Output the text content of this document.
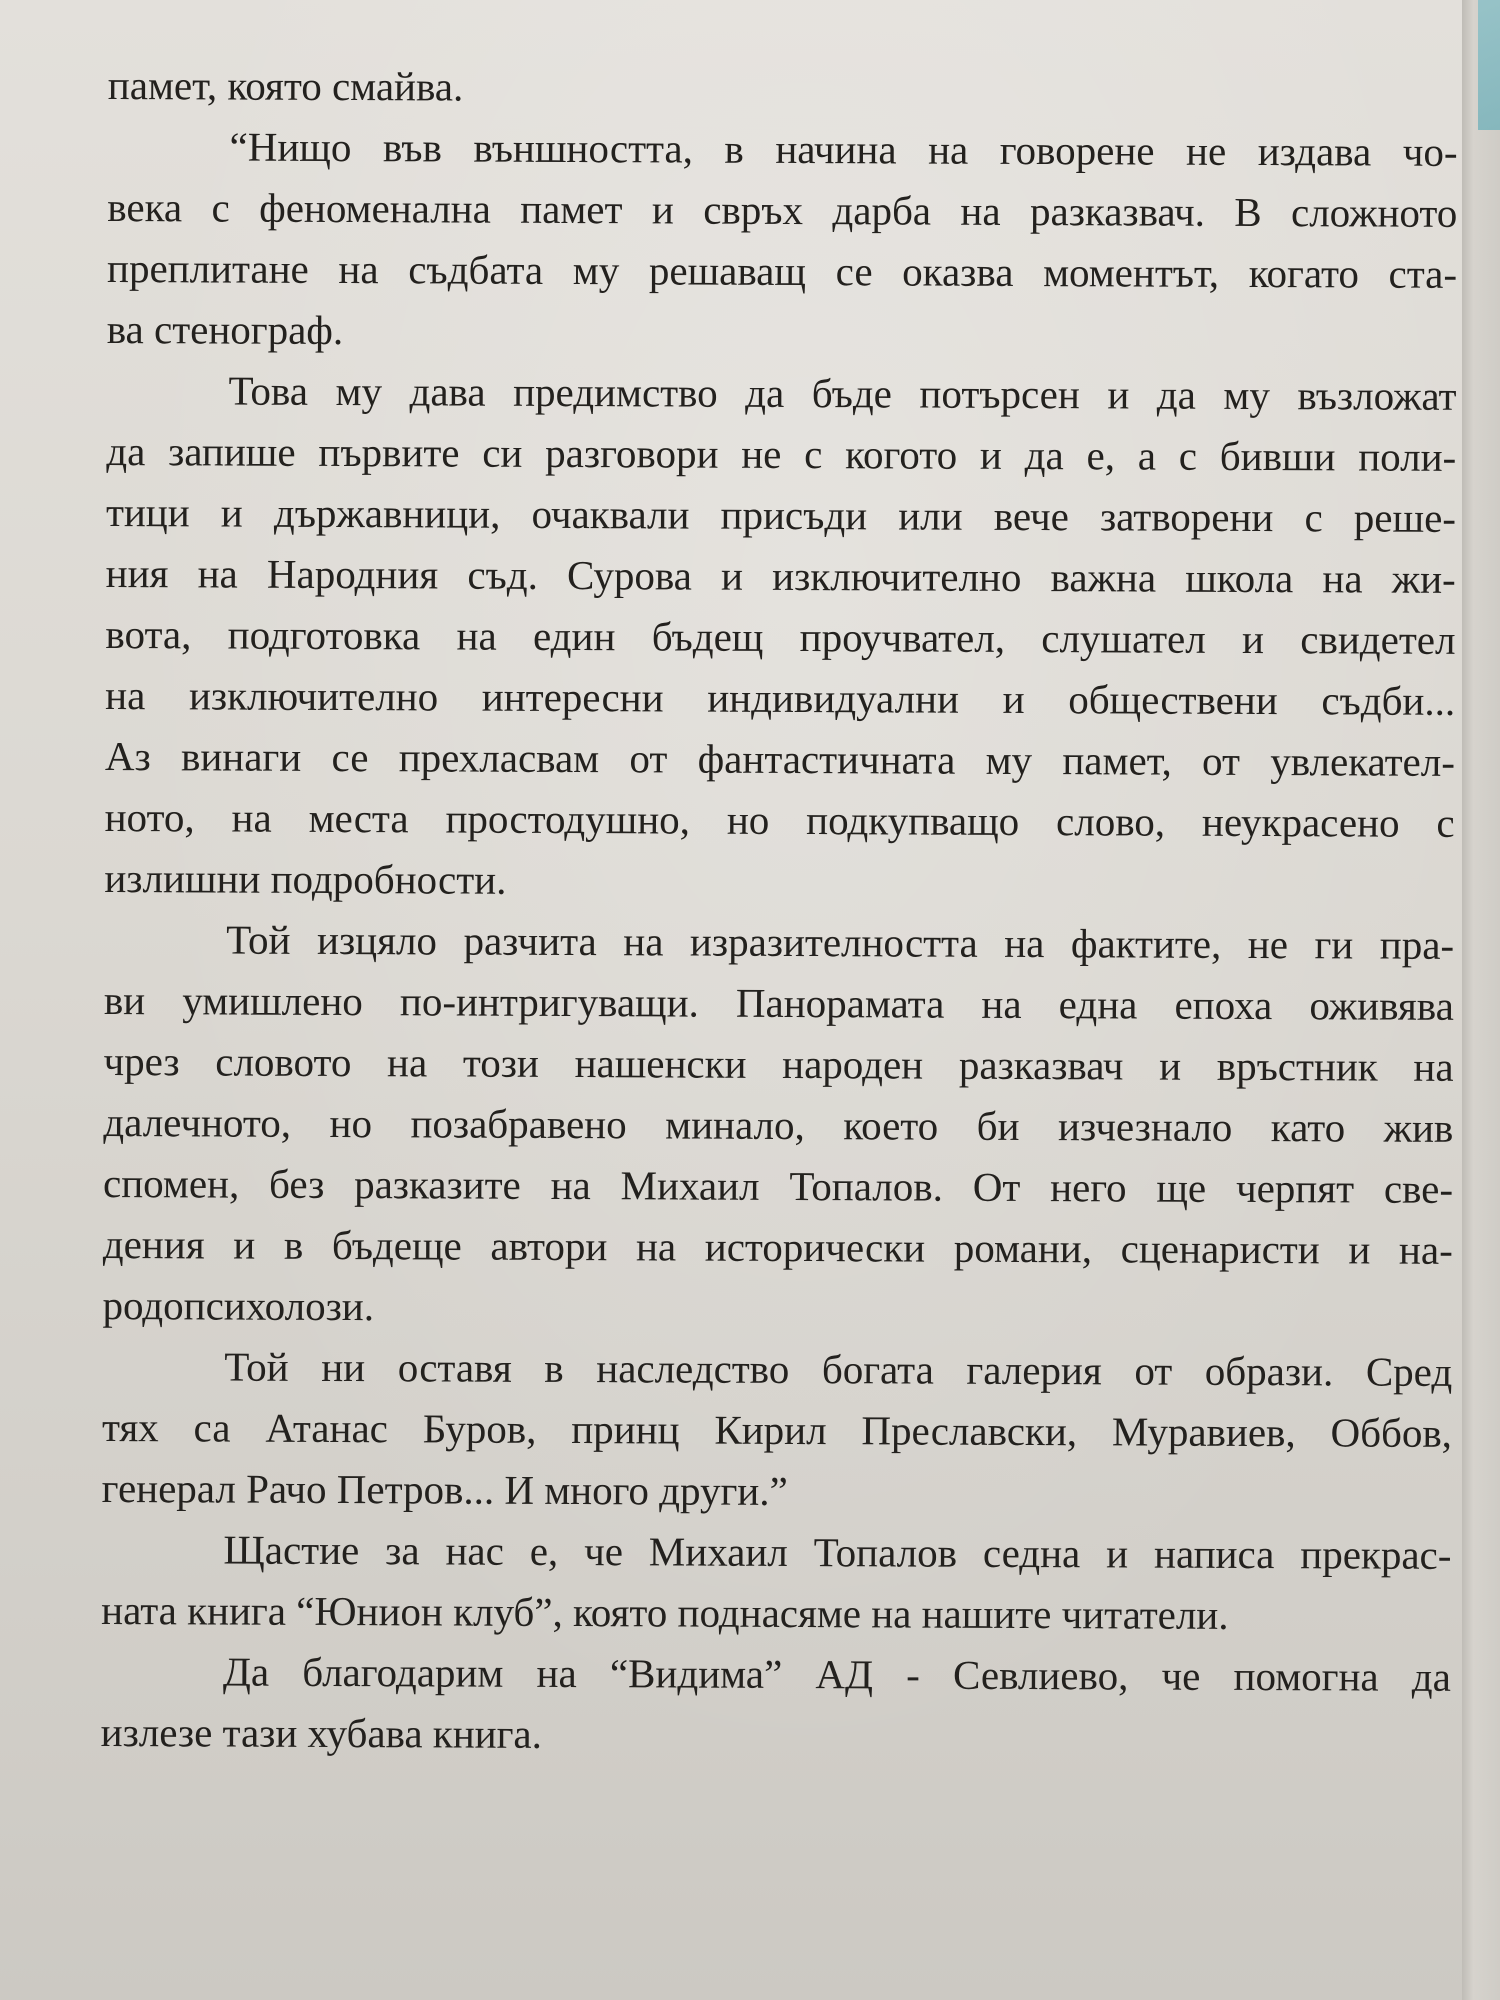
памет, която смайва.
“Нищо във външността, в начина на говорене не издава чо-
века с феноменална памет и свръх дарба на разказвач. В сложното
преплитане на съдбата му решаващ се оказва моментът, когато ста-
ва стенограф.
Това му дава предимство да бъде потърсен и да му възложат
да запише първите си разговори не с когото и да е, а с бивши поли-
тици и държавници, очаквали присъди или вече затворени с реше-
ния на Народния съд. Сурова и изключително важна школа на жи-
вота, подготовка на един бъдещ проучвател, слушател и свидетел
на изключително интересни индивидуални и обществени съдби...
Аз винаги се прехласвам от фантастичната му памет, от увлекател-
ното, на места простодушно, но подкупващо слово, неукрасено с
излишни подробности.
Той изцяло разчита на изразителността на фактите, не ги пра-
ви умишлено по-интригуващи. Панорамата на една епоха оживява
чрез словото на този нашенски народен разказвач и връстник на
далечното, но позабравено минало, което би изчезнало като жив
спомен, без разказите на Михаил Топалов. От него ще черпят све-
дения и в бъдеще автори на исторически романи, сценаристи и на-
родопсихолози.
Той ни оставя в наследство богата галерия от образи. Сред
тях са Атанас Буров, принц Кирил Преславски, Муравиев, Оббов,
генерал Рачо Петров... И много други.”
Щастие за нас е, че Михаил Топалов седна и написа прекрас-
ната книга “Юнион клуб”, която поднасяме на нашите читатели.
Да благодарим на “Видима” АД - Севлиево, че помогна да
излезе тази хубава книга.
